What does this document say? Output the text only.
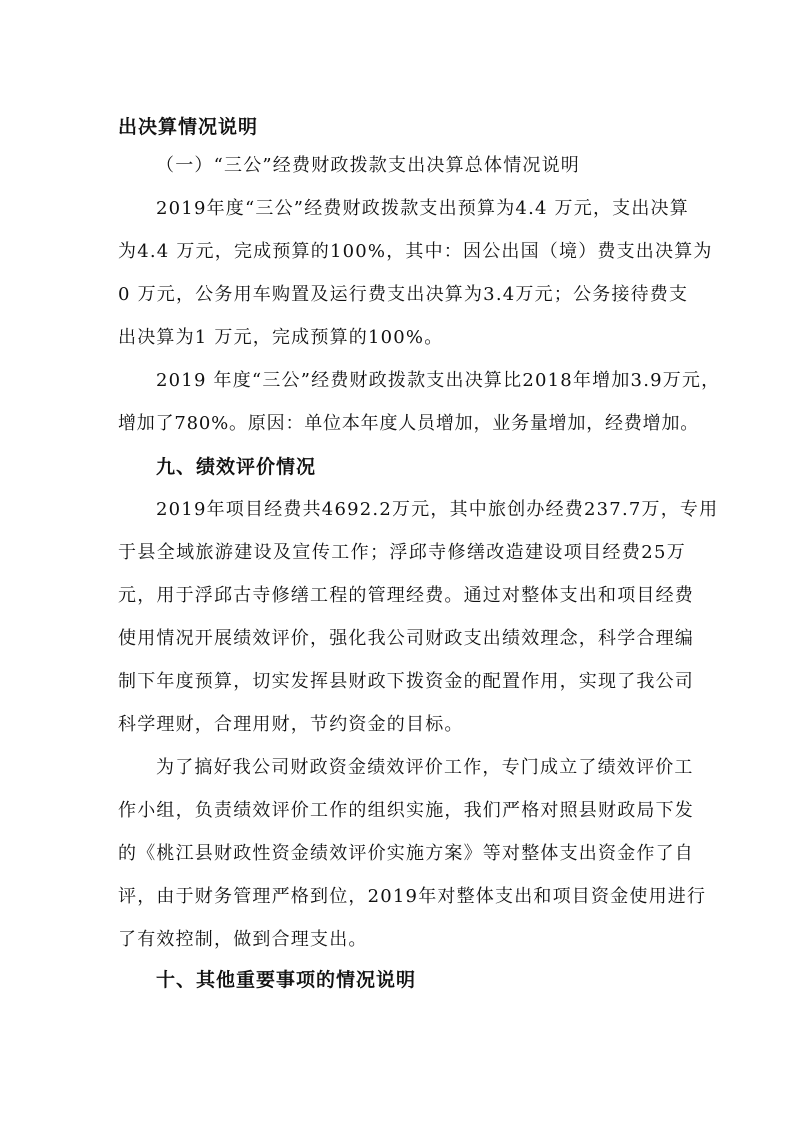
出决算情况说明
（一）“三公”经费财政拨款支出决算总体情况说明
2019年度“三公”经费财政拨款支出预算为4.4 万元，支出决算
为4.4 万元，完成预算的100%，其中：因公出国（境）费支出决算为
0 万元，公务用车购置及运行费支出决算为3.4万元；公务接待费支
出决算为1 万元，完成预算的100%。
2019 年度“三公”经费财政拨款支出决算比2018年增加3.9万元，
增加了780%。原因：单位本年度人员增加，业务量增加，经费增加。
九、绩效评价情况
2019年项目经费共4692.2万元，其中旅创办经费237.7万，专用
于县全域旅游建设及宣传工作；浮邱寺修缮改造建设项目经费25万
元，用于浮邱古寺修缮工程的管理经费。通过对整体支出和项目经费
使用情况开展绩效评价，强化我公司财政支出绩效理念，科学合理编
制下年度预算，切实发挥县财政下拨资金的配置作用，实现了我公司
科学理财，合理用财，节约资金的目标。
为了搞好我公司财政资金绩效评价工作，专门成立了绩效评价工
作小组，负责绩效评价工作的组织实施，我们严格对照县财政局下发
的《桃江县财政性资金绩效评价实施方案》等对整体支出资金作了自
评，由于财务管理严格到位，2019年对整体支出和项目资金使用进行
了有效控制，做到合理支出。
十、其他重要事项的情况说明
